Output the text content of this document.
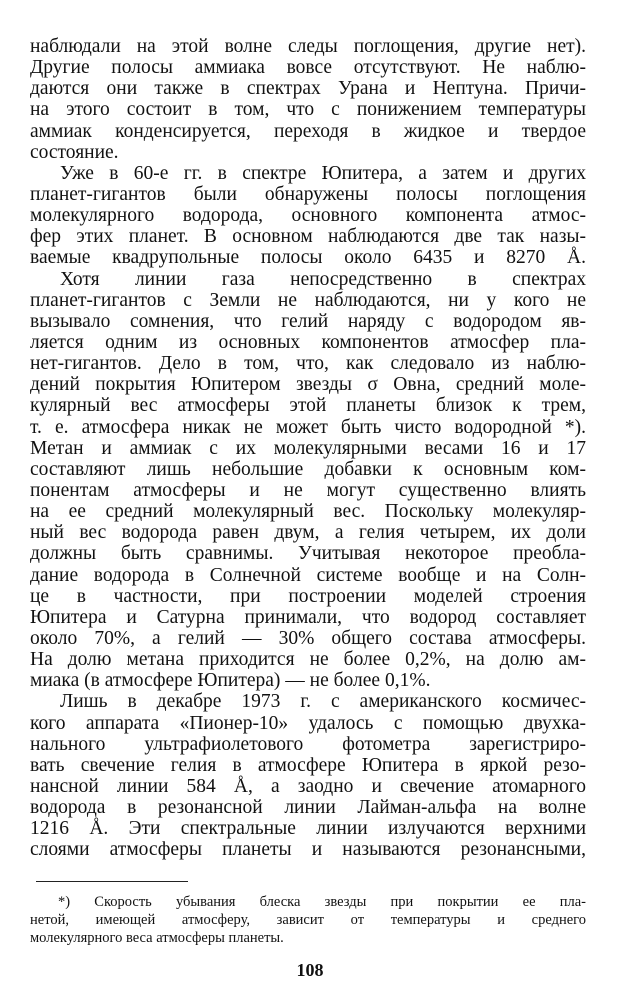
наблюдали на этой волне следы поглощения, другие нет).
Другие полосы аммиака вовсе отсутствуют. Не наблю-
даются они также в спектрах Урана и Нептуна. Причи-
на этого состоит в том, что с понижением температуры
аммиак конденсируется, переходя в жидкое и твердое
состояние.
Уже в 60-е гг. в спектре Юпитера, а затем и других
планет-гигантов были обнаружены полосы поглощения
молекулярного водорода, основного компонента атмос-
фер этих планет. В основном наблюдаются две так назы-
ваемые квадрупольные полосы около 6435 и 8270 Å.
Хотя линии газа непосредственно в спектрах
планет-гигантов с Земли не наблюдаются, ни у кого не
вызывало сомнения, что гелий наряду с водородом яв-
ляется одним из основных компонентов атмосфер пла-
нет-гигантов. Дело в том, что, как следовало из наблю-
дений покрытия Юпитером звезды σ Овна, средний моле-
кулярный вес атмосферы этой планеты близок к трем,
т. е. атмосфера никак не может быть чисто водородной *).
Метан и аммиак с их молекулярными весами 16 и 17
составляют лишь небольшие добавки к основным ком-
понентам атмосферы и не могут существенно влиять
на ее средний молекулярный вес. Поскольку молекуляр-
ный вес водорода равен двум, а гелия четырем, их доли
должны быть сравнимы. Учитывая некоторое преобла-
дание водорода в Солнечной системе вообще и на Солн-
це в частности, при построении моделей строения
Юпитера и Сатурна принимали, что водород составляет
около 70%, а гелий — 30% общего состава атмосферы.
На долю метана приходится не более 0,2%, на долю ам-
миака (в атмосфере Юпитера) — не более 0,1%.
Лишь в декабре 1973 г. с американского космичес-
кого аппарата «Пионер-10» удалось с помощью двухка-
нального ультрафиолетового фотометра зарегистриро-
вать свечение гелия в атмосфере Юпитера в яркой резо-
нансной линии 584 Å, а заодно и свечение атомарного
водорода в резонансной линии Лайман-альфа на волне
1216 Å. Эти спектральные линии излучаются верхними
слоями атмосферы планеты и называются резонансными,
*) Скорость убывания блеска звезды при покрытии ее пла-
нетой, имеющей атмосферу, зависит от температуры и среднего
молекулярного веса атмосферы планеты.
108
